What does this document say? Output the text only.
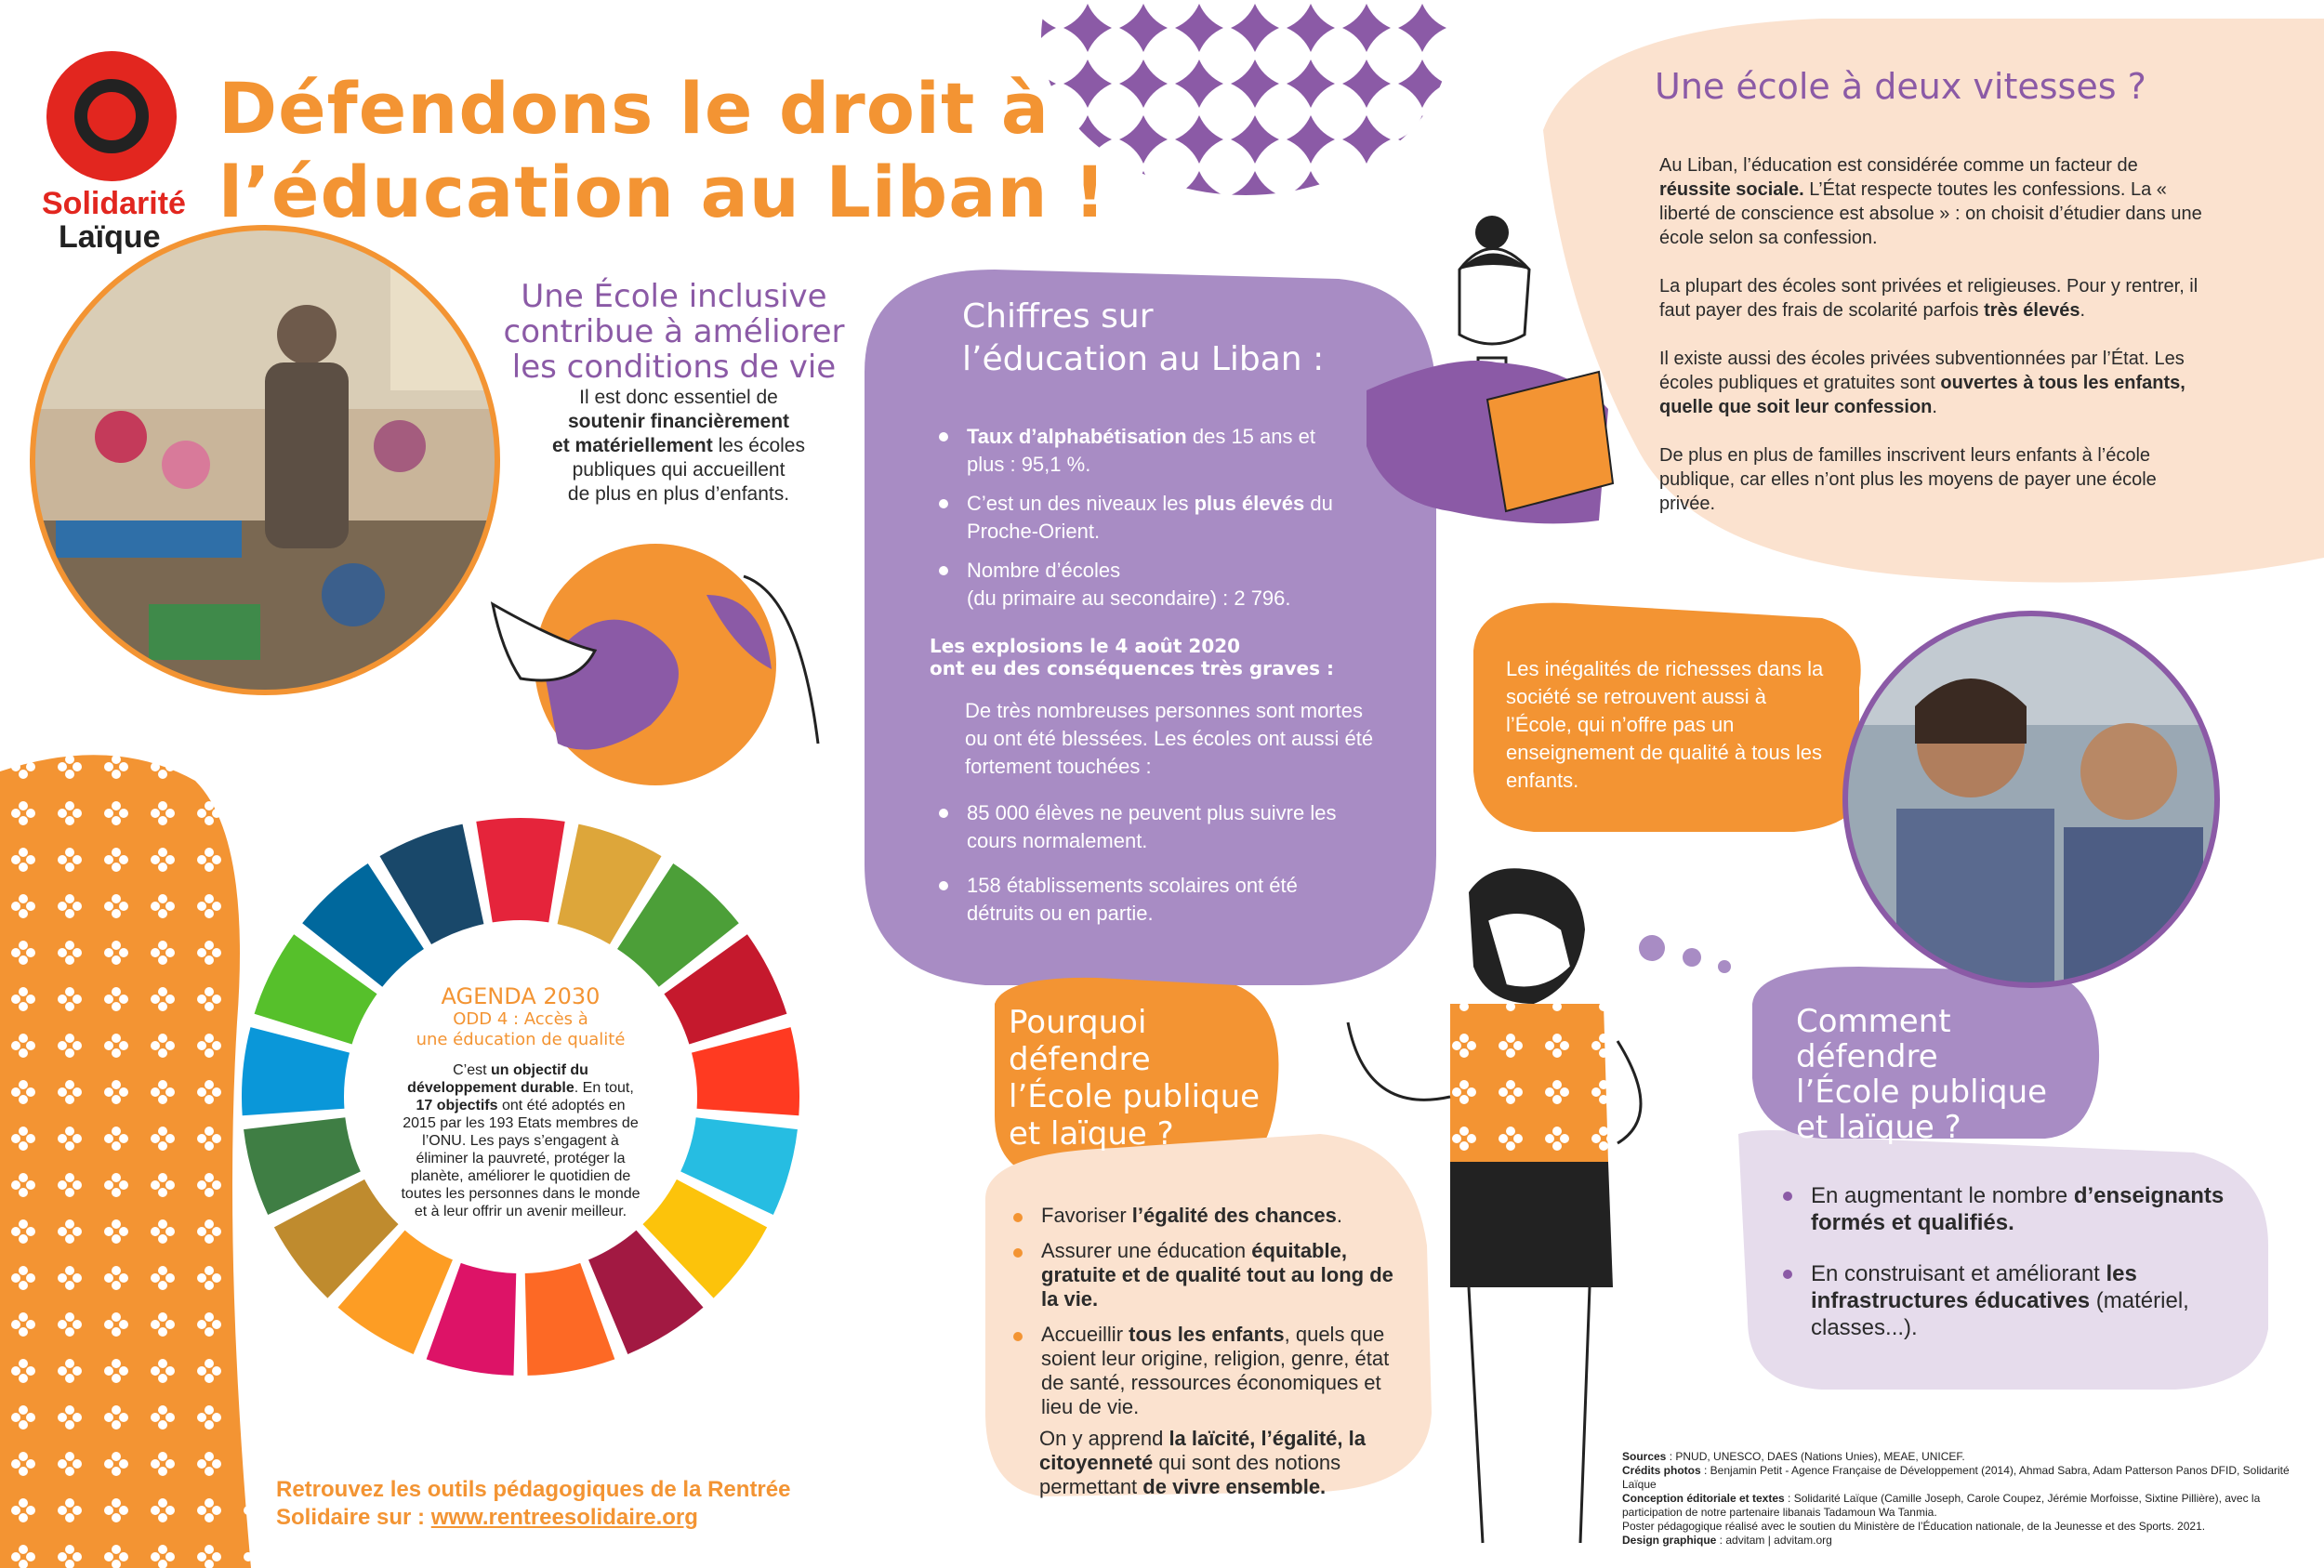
Solidarité
Laïque
Défendons le droit à
l’éducation au Liban !
Une École inclusive
contribue à améliorer
les conditions de vie
Il est donc essentiel de
soutenir financièrement
et matériellement les écoles
publiques qui accueillent
de plus en plus d’enfants.
Chiffres sur
l’éducation au Liban :
Taux d’alphabétisation des 15 ans et plus : 95,1 %.
C’est un des niveaux les plus élevés du Proche-Orient.
Nombre d’écoles
(du primaire au secondaire) : 2 796.
Les explosions le 4 août 2020
ont eu des conséquences très graves :
De très nombreuses personnes sont mortes ou ont été blessées. Les écoles ont aussi été fortement touchées :
85 000 élèves ne peuvent plus suivre les cours normalement.
158 établissements scolaires ont été détruits ou en partie.
Une école à deux vitesses ?

Au Liban, l’éducation est considérée comme un facteur de réussite sociale. L’État respecte toutes les confessions. La « liberté de conscience est absolue » : on choisit d’étudier dans une école selon sa confession.

La plupart des écoles sont privées et religieuses. Pour y rentrer, il faut payer des frais de scolarité parfois très élevés.

Il existe aussi des écoles privées subventionnées par l’État. Les écoles publiques et gratuites sont ouvertes à tous les enfants, quelle que soit leur confession.

De plus en plus de familles inscrivent leurs enfants à l’école publique, car elles n’ont plus les moyens de payer une école privée.

Les inégalités de richesses dans la société se retrouvent aussi à l’École, qui n’offre pas un enseignement de qualité à tous les enfants.
AGENDA 2030
ODD 4 : Accès à
une éducation de qualité
C’est un objectif du développement durable. En tout, 17 objectifs ont été adoptés en 2015 par les 193 Etats membres de l’ONU. Les pays s’engagent à éliminer la pauvreté, protéger la planète, améliorer le quotidien de toutes les personnes dans le monde et à leur offrir un avenir meilleur.
Pourquoi
défendre
l’École publique
et laïque ?
Favoriser l’égalité des chances.
Assurer une éducation équitable, gratuite et de qualité tout au long de la vie.
Accueillir tous les enfants, quels que soient leur origine, religion, genre, état de santé, ressources économiques et lieu de vie.
On y apprend la laïcité, l’égalité, la citoyenneté qui sont des notions permettant de vivre ensemble.
Comment défendre
l’École publique
et laïque ?
En augmentant le nombre d’enseignants formés et qualifiés.
En construisant et améliorant les infrastructures éducatives (matériel, classes...).
Retrouvez les outils pédagogiques de la Rentrée
Solidaire sur : www.rentreesolidaire.org
Sources : PNUD, UNESCO, DAES (Nations Unies), MEAE, UNICEF.
Crédits photos : Benjamin Petit - Agence Française de Développement (2014), Ahmad Sabra, Adam Patterson Panos DFID, Solidarité Laïque
Conception éditoriale et textes : Solidarité Laïque (Camille Joseph, Carole Coupez, Jérémie Morfoisse, Sixtine Pillière), avec la participation de notre partenaire libanais Tadamoun Wa Tanmia.
Poster pédagogique réalisé avec le soutien du Ministère de l’Éducation nationale, de la Jeunesse et des Sports. 2021.
Design graphique : advitam | advitam.org
